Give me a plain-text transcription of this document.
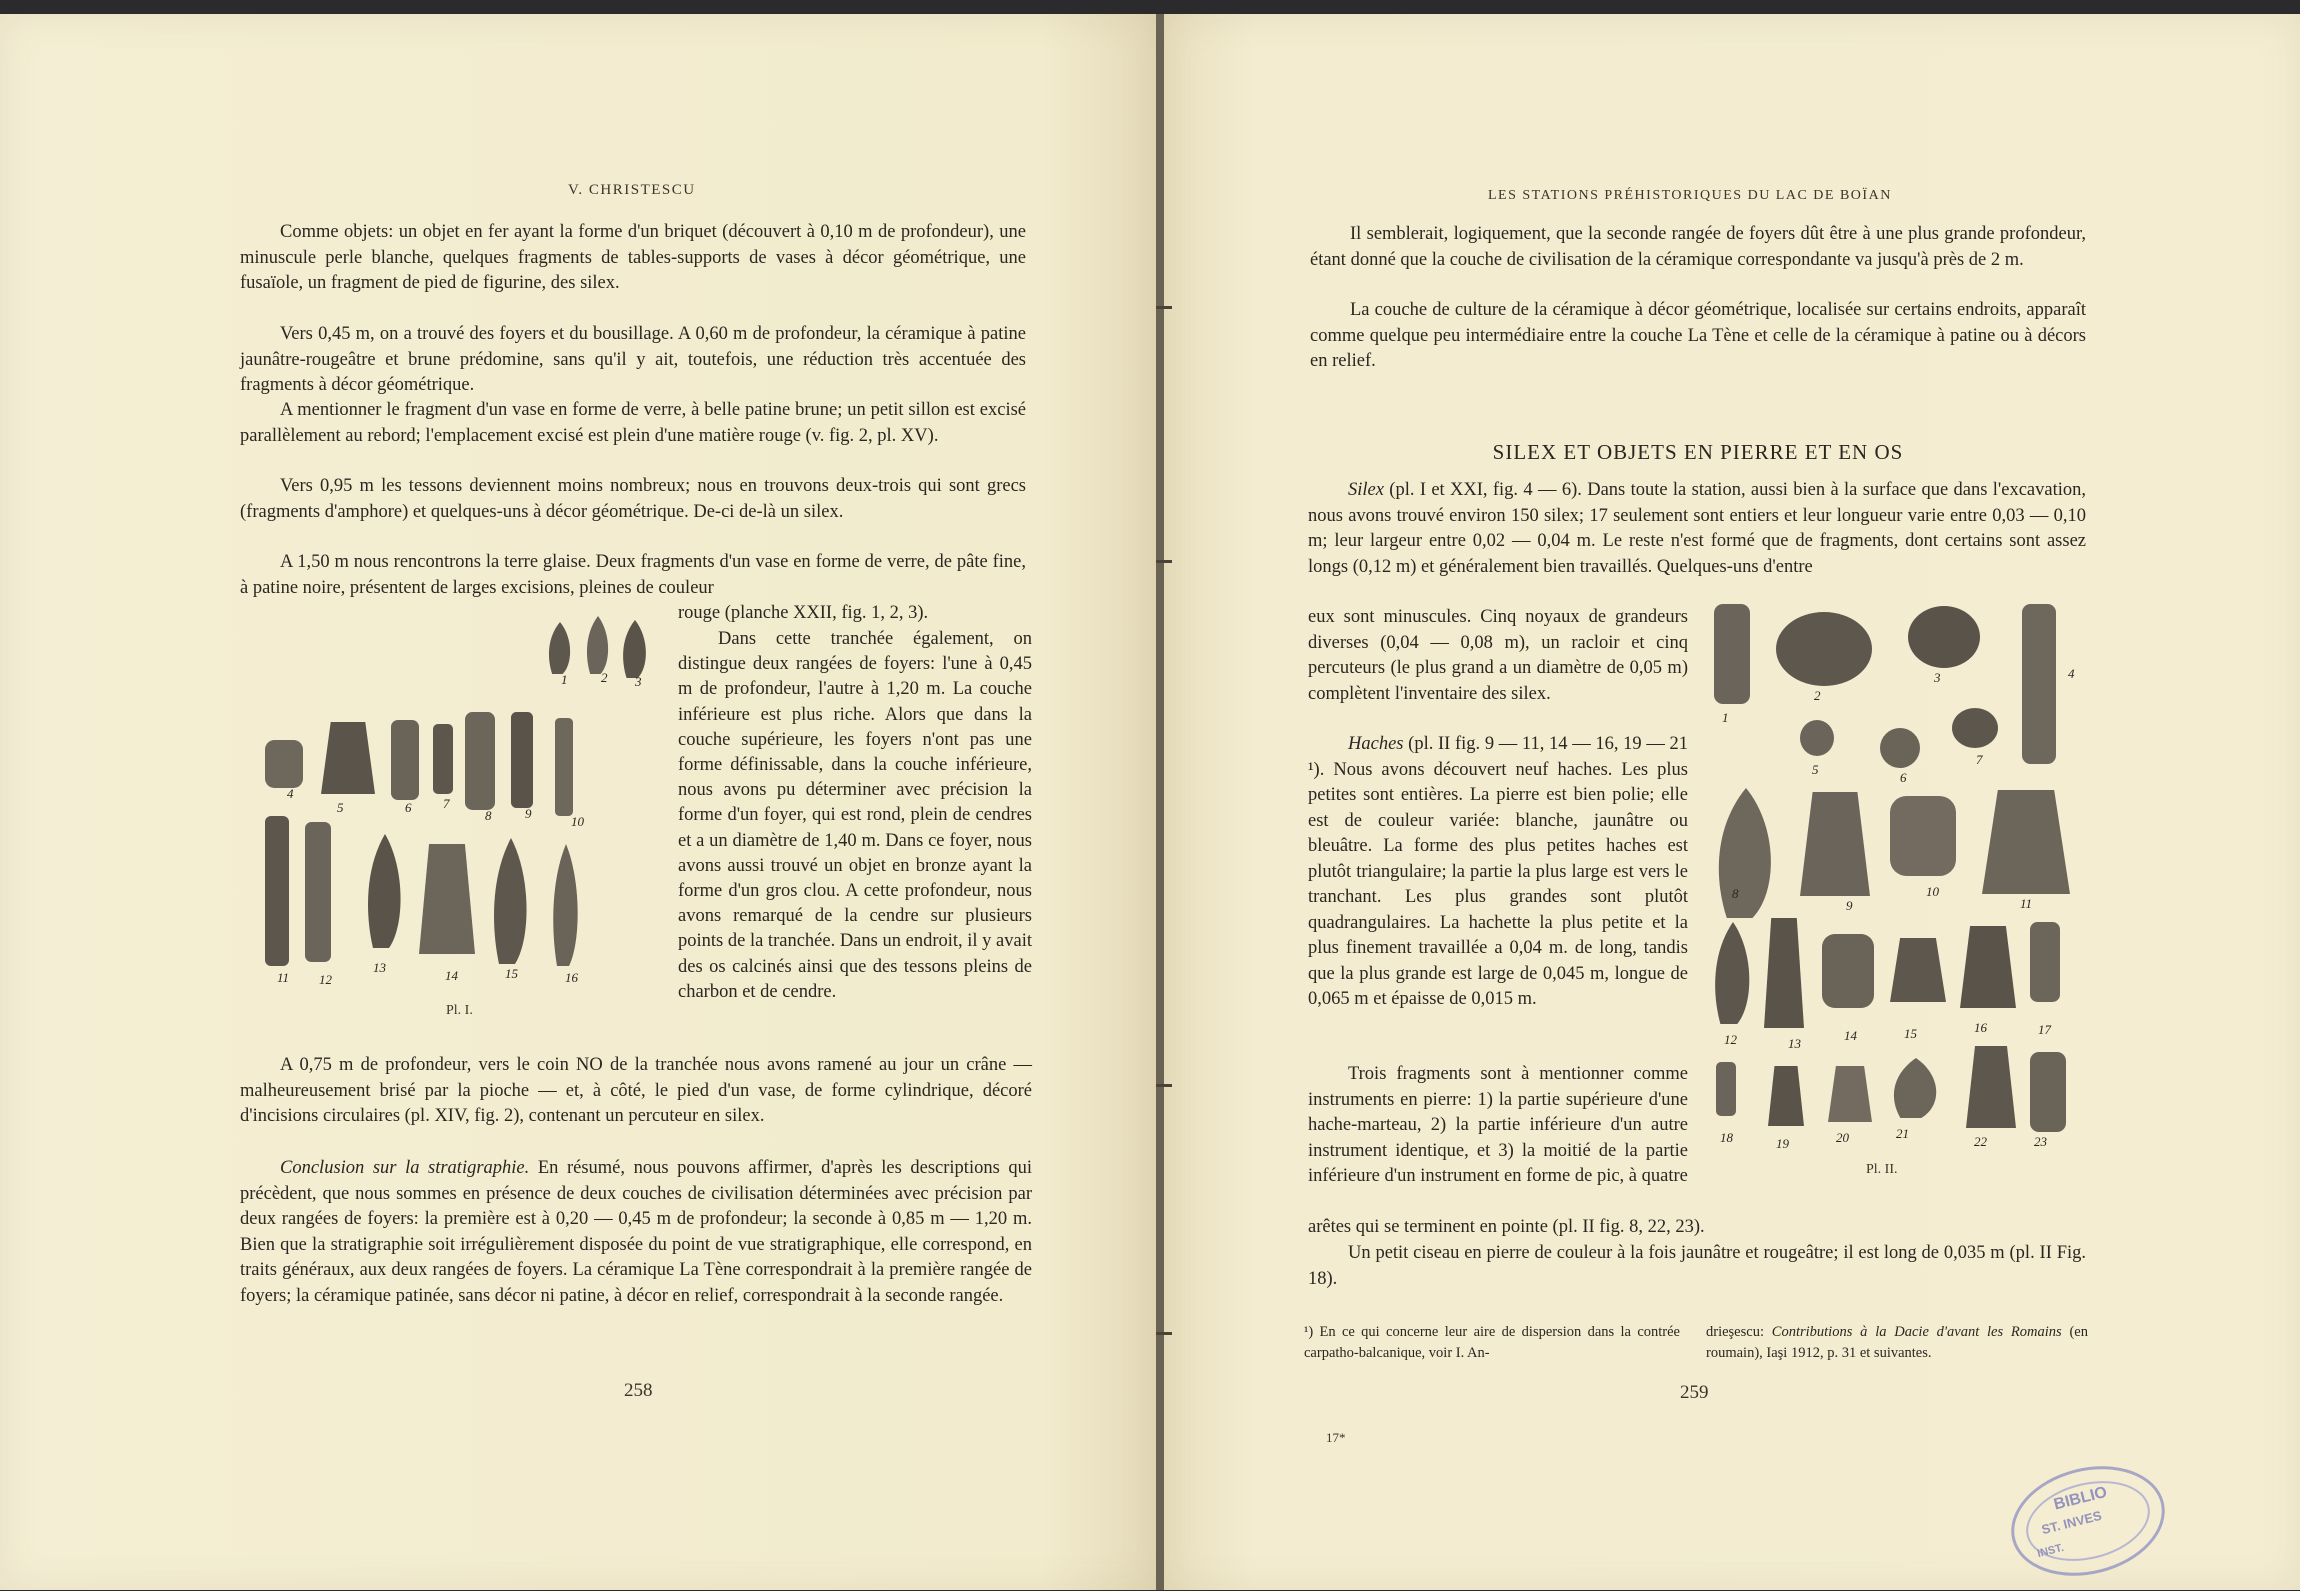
V. CHRISTESCU

Comme objets: un objet en fer ayant la forme d'un briquet (découvert à 0,10 m de profondeur), une minuscule perle blanche, quelques fragments de tables-supports de vases à décor géométrique, une fusaïole, un fragment de pied de figurine, des silex.

Vers 0,45 m, on a trouvé des foyers et du bousillage. A 0,60 m de profondeur, la céramique à patine jaunâtre-rougeâtre et brune prédomine, sans qu'il y ait, toutefois, une réduction très accentuée des fragments à décor géométrique.

A mentionner le fragment d'un vase en forme de verre, à belle patine brune; un petit sillon est excisé parallèlement au rebord; l'emplacement excisé est plein d'une matière rouge (v. fig. 2, pl. XV).

Vers 0,95 m les tessons deviennent moins nombreux; nous en trouvons deux-trois qui sont grecs (fragments d'amphore) et quelques-uns à décor géométrique. De-ci de-là un silex.

A 1,50 m nous rencontrons la terre glaise. Deux fragments d'un vase en forme de verre, de pâte fine, à patine noire, présentent de larges excisions, pleines de couleur

rouge (planche XXII, fig. 1, 2, 3).

Dans cette tranchée également, on distingue deux rangées de foyers: l'une à 0,45 m de profondeur, l'autre à 1,20 m. La couche inférieure est plus riche. Alors que dans la couche supérieure, les foyers n'ont pas une forme définissable, dans la couche inférieure, nous avons pu déterminer avec précision la forme d'un foyer, qui est rond, plein de cendres et a un diamètre de 1,40 m. Dans ce foyer, nous avons aussi trouvé un objet en bronze ayant la forme d'un gros clou. A cette profondeur, nous avons remarqué de la cendre sur plusieurs points de la tranchée. Dans un endroit, il y avait des os calcinés ainsi que des tessons pleins de charbon et de cendre.

1	2 3
4
5	6 7
8	9
10
11 12
13
14	15	16
Pl. I.

A 0,75 m de profondeur, vers le coin NO de la tranchée nous avons ramené au jour un crâne — malheureusement brisé par la pioche — et, à côté, le pied d'un vase, de forme cylindrique, décoré d'incisions circulaires (pl. XIV, fig. 2), contenant un percuteur en silex.

Conclusion sur la stratigraphie. En résumé, nous pouvons affirmer, d'après les descriptions qui précèdent, que nous sommes en présence de deux couches de civilisation déterminées avec précision par deux rangées de foyers: la première est à 0,20 — 0,45 m de profondeur; la seconde à 0,85 m — 1,20 m. Bien que la stratigraphie soit irrégulièrement disposée du point de vue stratigraphique, elle correspond, en traits généraux, aux deux rangées de foyers. La céramique La Tène correspondrait à la première rangée de foyers; la céramique patinée, sans décor ni patine, à décor en relief, correspondrait à la seconde rangée.

258
LES STATIONS PRÉHISTORIQUES DU LAC DE BOÏAN

Il semblerait, logiquement, que la seconde rangée de foyers dût être à une plus grande profondeur, étant donné que la couche de civilisation de la céramique correspondante va jusqu'à près de 2 m.

La couche de culture de la céramique à décor géométrique, localisée sur certains endroits, apparaît comme quelque peu intermédiaire entre la couche La Tène et celle de la céramique à patine ou à décors en relief.

SILEX ET OBJETS EN PIERRE ET EN OS

Silex (pl. I et XXI, fig. 4 — 6). Dans toute la station, aussi bien à la surface que dans l'excavation, nous avons trouvé environ 150 silex; 17 seulement sont entiers et leur longueur varie entre 0,03 — 0,10 m; leur largeur entre 0,02 — 0,04 m. Le reste n'est formé que de fragments, dont certains sont assez longs (0,12 m) et généralement bien travaillés. Quelques-uns d'entre

eux sont minuscules. Cinq noyaux de grandeurs diverses (0,04 — 0,08 m), un racloir et cinq percuteurs (le plus grand a un diamètre de 0,05 m) complètent l'inventaire des silex.

Haches (pl. II fig. 9 — 11, 14 — 16, 19 — 21 ¹). Nous avons découvert neuf haches. Les plus petites sont entières. La pierre est bien polie; elle est de couleur variée: blanche, jaunâtre ou bleuâtre. La forme des plus petites haches est plutôt triangulaire; la partie la plus large est vers le tranchant. Les plus grandes sont plutôt quadrangulaires. La hachette la plus petite et la plus finement travaillée a 0,04 m. de long, tandis que la plus grande est large de 0,045 m, longue de 0,065 m et épaisse de 0,015 m.

Trois fragments sont à mentionner comme instruments en pierre: 1) la partie supérieure d'une hache-marteau, 2) la partie inférieure d'un autre instrument identique, et 3) la moitié de la partie inférieure d'un instrument en forme de pic, à quatre

arêtes qui se terminent en pointe (pl. II fig. 8, 22, 23).

Un petit ciseau en pierre de couleur à la fois jaunâtre et rougeâtre; il est long de 0,035 m (pl. II Fig. 18).

1
2
3	4
5
6
7
8
9
10
11
12	13
14	15	16	17
18	19	20	21
22	23
Pl. II.
¹) En ce qui concerne leur aire de dispersion dans la contrée carpatho-balcanique, voir I. An-
drieşescu: Contributions à la Dacie d'avant les Romains (en roumain), Iaşi 1912, p. 31 et suivantes.
259
17*
BIBLIO
ST. INVES
INST.
